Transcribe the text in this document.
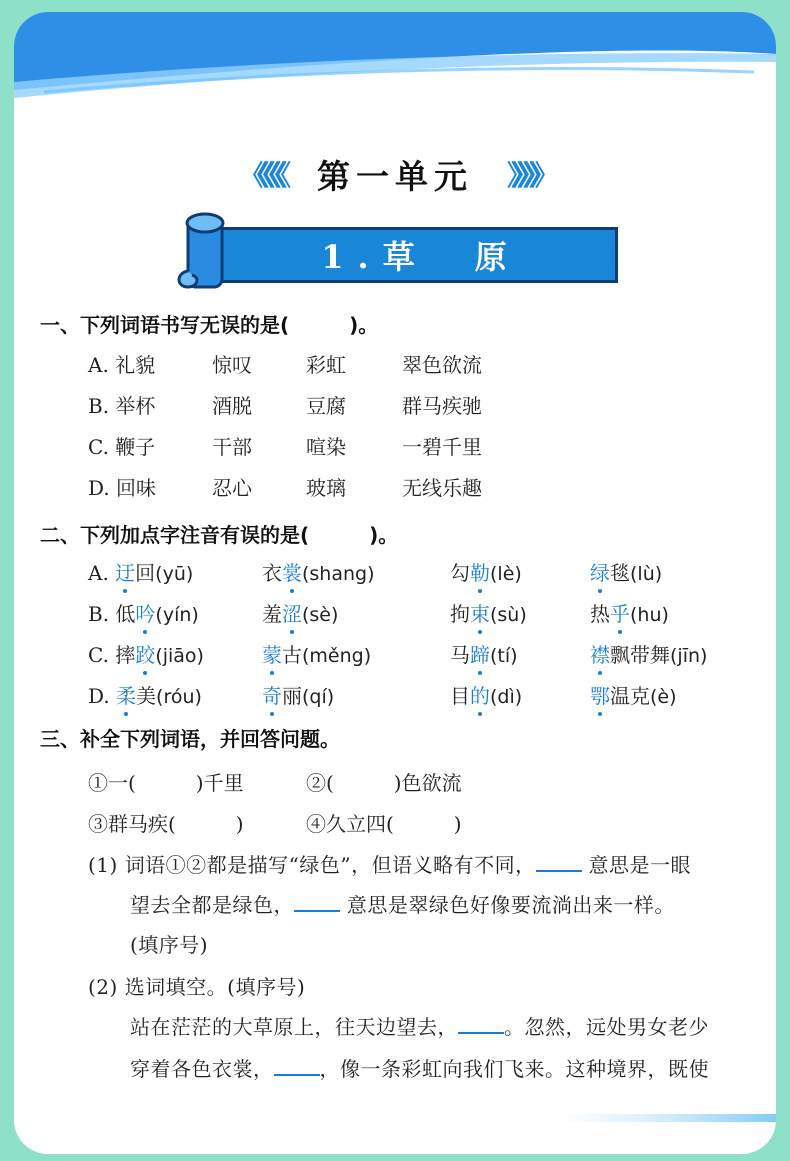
《《《《《	第一单元	》》》》》
1.草　原
一、下列词语书写无误的是(　　　)。
A. 礼貌	惊叹	彩虹	翠色欲流
B. 举杯	酒脱	豆腐	群马疾驰
C. 鞭子	干部	喧染	一碧千里
D. 回味	忍心	玻璃	无线乐趣
二、下列加点字注音有误的是(　　　)。
A. 迂回(yū)	衣裳(shang)	勾勒(lè)	绿毯(lù)
B. 低吟(yín)	羞涩(sè)	拘束(sù)	热乎(hu)
C. 摔跤(jiāo)	蒙古(měng)	马蹄(tí)	襟飘带舞(jīn)
D. 柔美(róu)	奇丽(qí)	目的(dì)	鄂温克(è)
三、补全下列词语，并回答问题。
①一(　　　)千里	②(　　　)色欲流
③群马疾(　　　)	④久立四(　　　)
(1) 词语①②都是描写“绿色”，但语义略有不同，	意思是一眼
望去全都是绿色，	意思是翠绿色好像要流淌出来一样。
(填序号)
(2) 选词填空。(填序号)
站在茫茫的大草原上，往天边望去， 。忽然，远处男女老少
穿着各色衣裳， ，像一条彩虹向我们飞来。这种境界，既使
